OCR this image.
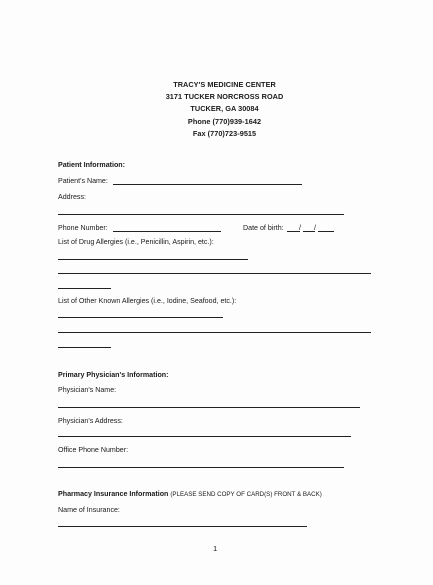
TRACY'S MEDICINE CENTER
3171 TUCKER NORCROSS ROAD
TUCKER, GA 30084
Phone (770)939-1642
Fax (770)723-9515
Patient Information:
Patient's Name:
Address:
Phone Number:	Date of birth: / /
List of Drug Allergies (i.e., Penicillin, Aspirin, etc.):
List of Other Known Allergies (i.e., Iodine, Seafood, etc.):
Primary Physician's Information:
Physician's Name:
Physician's Address:
Office Phone Number:
Pharmacy Insurance Information (PLEASE SEND COPY OF CARD(S) FRONT & BACK)
Name of Insurance:
1
